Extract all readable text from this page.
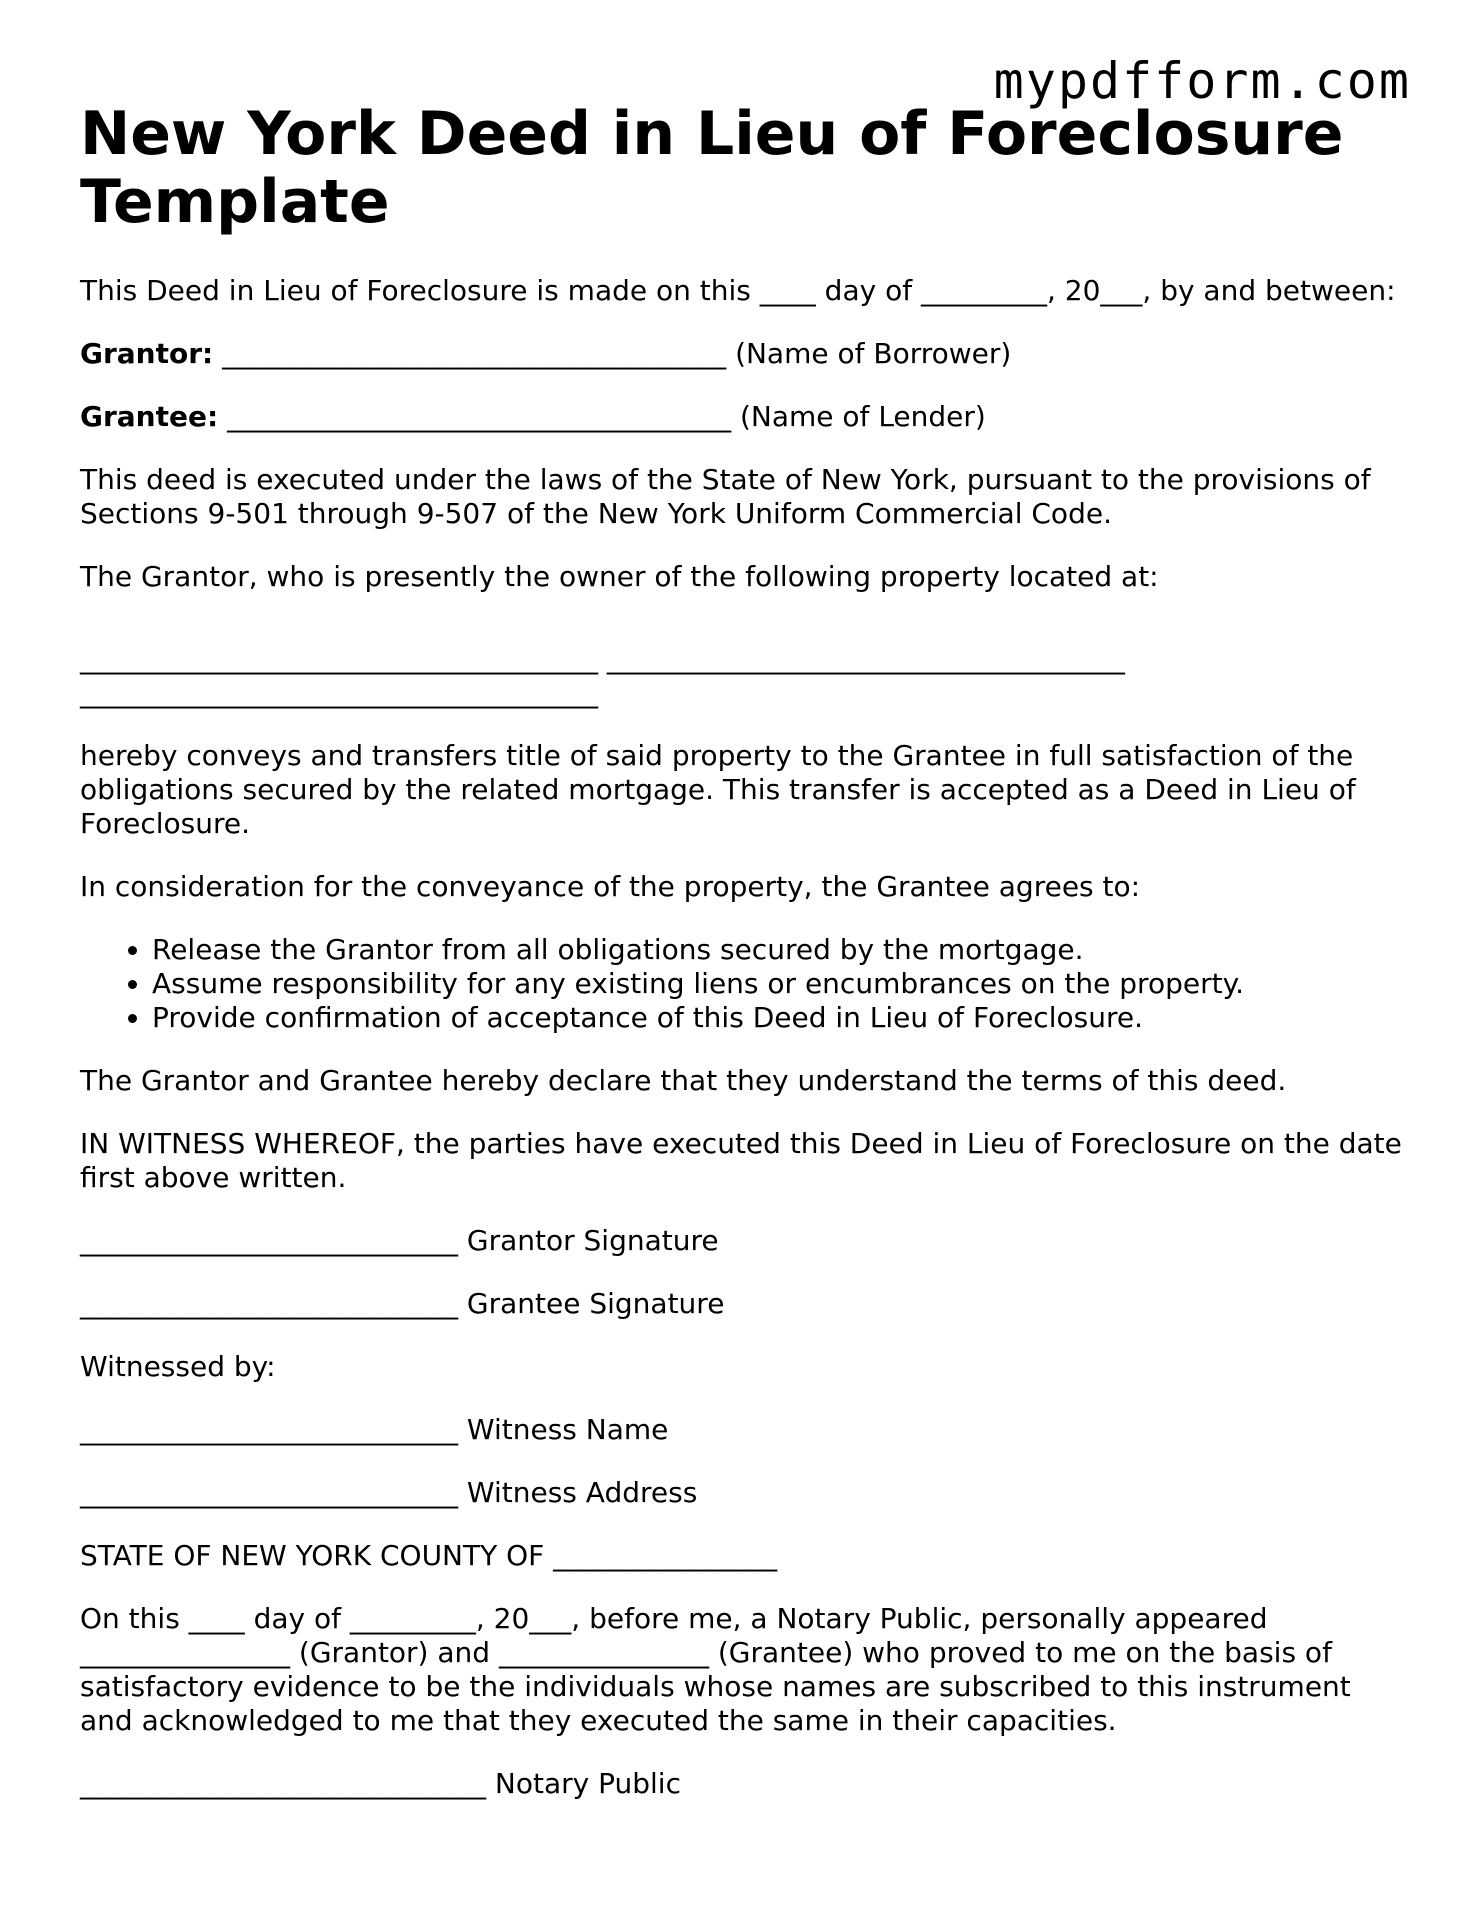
mypdfform.com
New York Deed in Lieu of Foreclosure Template

This Deed in Lieu of Foreclosure is made on this ____ day of _________, 20___, by and between:

Grantor: ____________________________________ (Name of Borrower)

Grantee: ____________________________________ (Name of Lender)

This deed is executed under the laws of the State of New York, pursuant to the provisions of Sections 9-501 through 9-507 of the New York Uniform Commercial Code.

The Grantor, who is presently the owner of the following property located at:

_____________________________________ _____________________________________
_____________________________________

hereby conveys and transfers title of said property to the Grantee in full satisfaction of the obligations secured by the related mortgage. This transfer is accepted as a Deed in Lieu of Foreclosure.

In consideration for the conveyance of the property, the Grantee agrees to:

• Release the Grantor from all obligations secured by the mortgage.
• Assume responsibility for any existing liens or encumbrances on the property.
• Provide confirmation of acceptance of this Deed in Lieu of Foreclosure.

The Grantor and Grantee hereby declare that they understand the terms of this deed.

IN WITNESS WHEREOF, the parties have executed this Deed in Lieu of Foreclosure on the date first above written.

___________________________ Grantor Signature

___________________________ Grantee Signature

Witnessed by:

___________________________ Witness Name

___________________________ Witness Address

STATE OF NEW YORK COUNTY OF ________________

On this ____ day of _________, 20___, before me, a Notary Public, personally appeared _______________ (Grantor) and _______________ (Grantee) who proved to me on the basis of satisfactory evidence to be the individuals whose names are subscribed to this instrument and acknowledged to me that they executed the same in their capacities.

_____________________________ Notary Public
